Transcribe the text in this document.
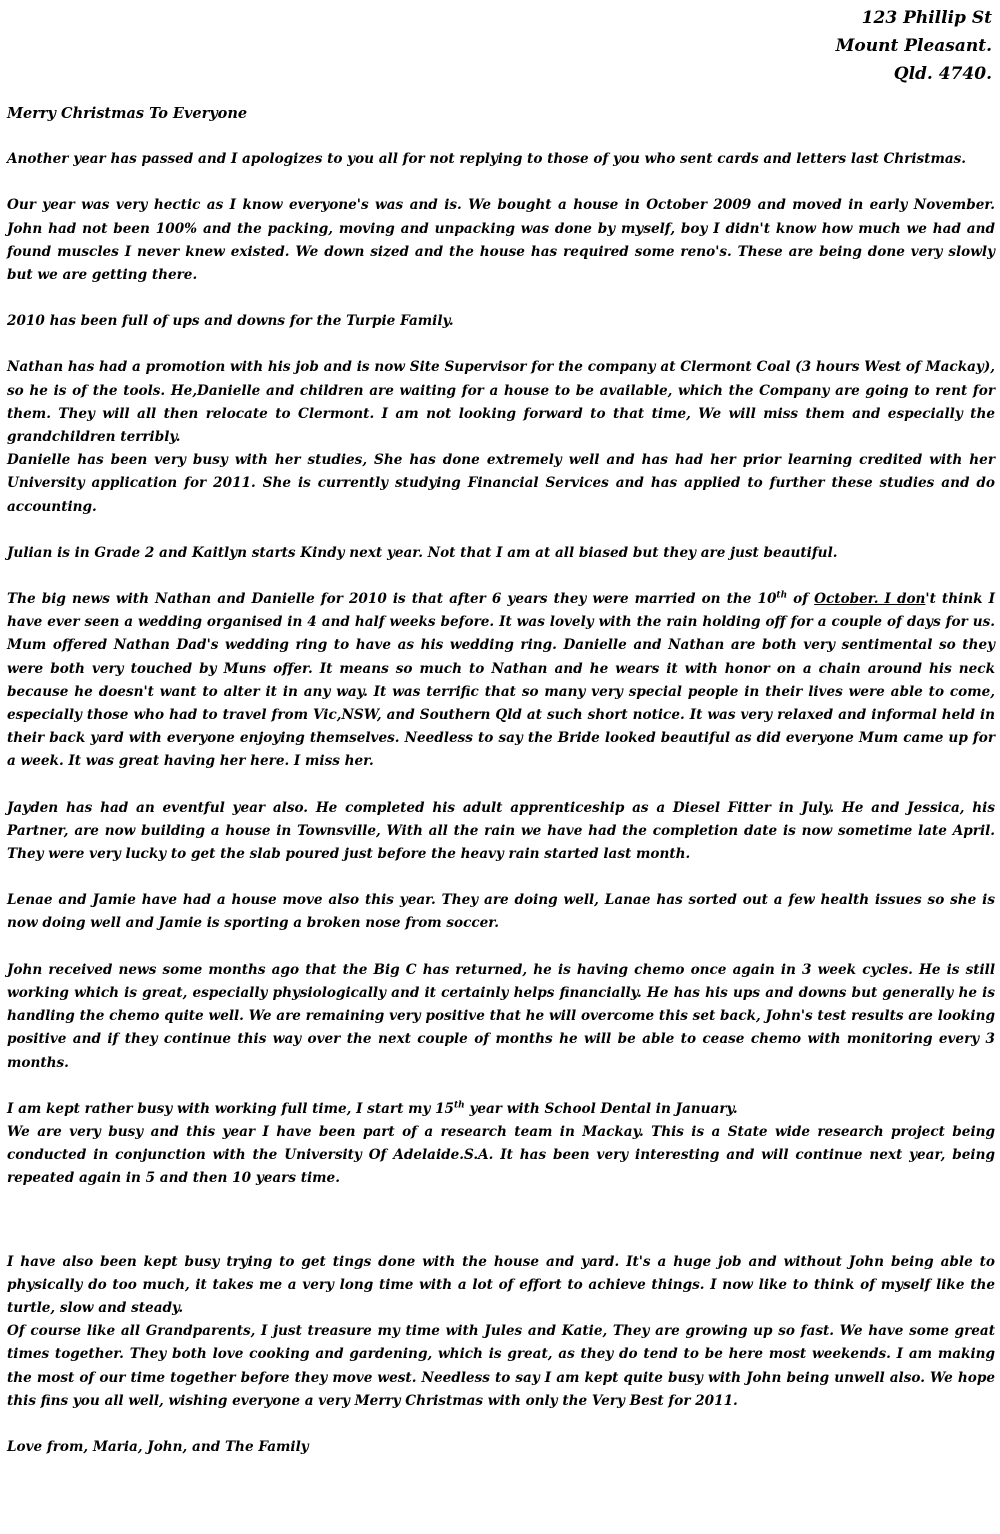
123 Phillip St
Mount Pleasant.
Qld. 4740.

Merry Christmas To Everyone

Another year has passed and I apologizes to you all for not replying to those of you who sent cards and letters last Christmas.

Our year was very hectic as I know everyone's was and is. We bought a house in October 2009 and moved in early November. John had not been 100% and the packing, moving and unpacking was done by myself, boy I didn't know how much we had and found muscles I never knew existed. We down sized and the house has required some reno's. These are being done very slowly but we are getting there.

2010 has been full of ups and downs for the Turpie Family.

Nathan has had a promotion with his job and is now Site Supervisor for the company at Clermont Coal (3 hours West of Mackay), so he is of the tools. He,Danielle and children are waiting for a house to be available, which the Company are going to rent for them. They will all then relocate to Clermont. I am not looking forward to that time, We will miss them and especially the grandchildren terribly.

Danielle has been very busy with her studies, She has done extremely well and has had her prior learning credited with her University application for 2011. She is currently studying Financial Services and has applied to further these studies and do accounting.

Julian is in Grade 2 and Kaitlyn starts Kindy next year. Not that I am at all biased but they are just beautiful.

The big news with Nathan and Danielle for 2010 is that after 6 years they were married on the 10th of October. I don't think I have ever seen a wedding organised in 4 and half weeks before. It was lovely with the rain holding off for a couple of days for us. Mum offered Nathan Dad's wedding ring to have as his wedding ring. Danielle and Nathan are both very sentimental so they were both very touched by Muns offer. It means so much to Nathan and he wears it with honor on a chain around his neck because he doesn't want to alter it in any way. It was terrific that so many very special people in their lives were able to come, especially those who had to travel from Vic,NSW, and Southern Qld at such short notice. It was very relaxed and informal held in their back yard with everyone enjoying themselves. Needless to say the Bride looked beautiful as did everyone Mum came up for a week. It was great having her here. I miss her.

Jayden has had an eventful year also. He completed his adult apprenticeship as a Diesel Fitter in July. He and Jessica, his Partner, are now building a house in Townsville, With all the rain we have had the completion date is now sometime late April. They were very lucky to get the slab poured just before the heavy rain started last month.

Lenae and Jamie have had a house move also this year. They are doing well, Lanae has sorted out a few health issues so she is now doing well and Jamie is sporting a broken nose from soccer.

John received news some months ago that the Big C has returned, he is having chemo once again in 3 week cycles. He is still working which is great, especially physiologically and it certainly helps financially. He has his ups and downs but generally he is handling the chemo quite well. We are remaining very positive that he will overcome this set back, John's test results are looking positive and if they continue this way over the next couple of months he will be able to cease chemo with monitoring every 3 months.

I am kept rather busy with working full time, I start my 15th year with School Dental in January.

We are very busy and this year I have been part of a research team in Mackay. This is a State wide research project being conducted in conjunction with the University Of Adelaide.S.A. It has been very interesting and will continue next year, being repeated again in 5 and then 10 years time.

I have also been kept busy trying to get tings done with the house and yard. It's a huge job and without John being able to physically do too much, it takes me a very long time with a lot of effort to achieve things. I now like to think of myself like the turtle, slow and steady.

Of course like all Grandparents, I just treasure my time with Jules and Katie, They are growing up so fast. We have some great times together. They both love cooking and gardening, which is great, as they do tend to be here most weekends. I am making the most of our time together before they move west. Needless to say I am kept quite busy with John being unwell also. We hope this fins you all well, wishing everyone a very Merry Christmas with only the Very Best for 2011.

Love from, Maria, John, and The Family
